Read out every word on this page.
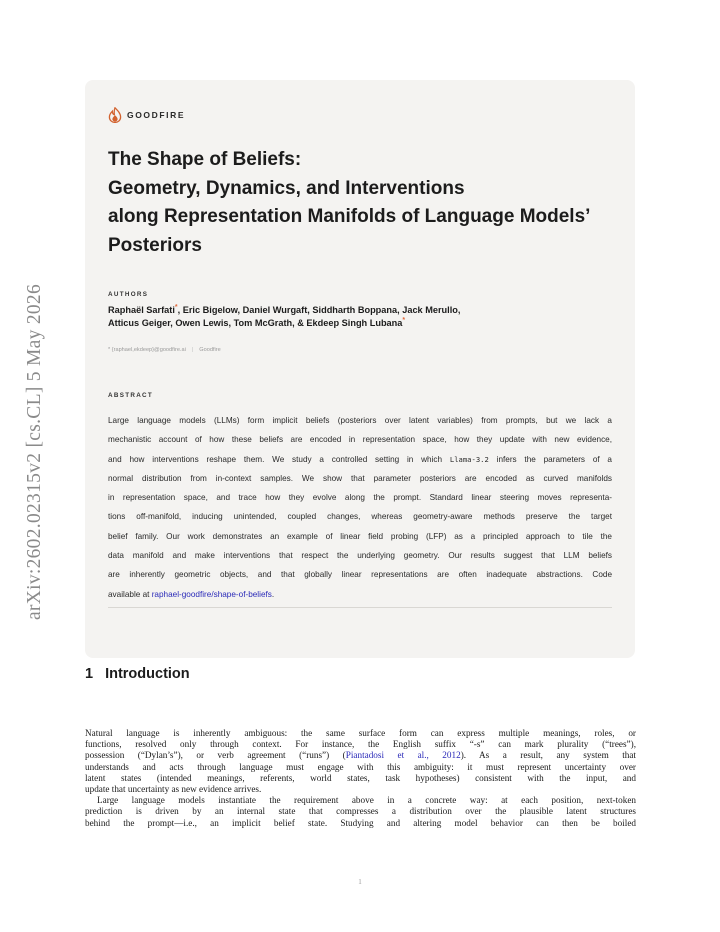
arXiv:2602.02315v2 [cs.CL] 5 May 2026
GOODFIRE
The Shape of Beliefs:
Geometry, Dynamics, and Interventions
along Representation Manifolds of Language Models’
Posteriors
AUTHORS
Raphaël Sarfati*, Eric Bigelow, Daniel Wurgaft, Siddharth Boppana, Jack Merullo,
Atticus Geiger, Owen Lewis, Tom McGrath, & Ekdeep Singh Lubana*
* {raphael,ekdeep}@goodfire.ai | Goodfire
ABSTRACT
Large language models (LLMs) form implicit beliefs (posteriors over latent variables) from prompts, but we lack a
mechanistic account of how these beliefs are encoded in representation space, how they update with new evidence,
and how interventions reshape them. We study a controlled setting in which Llama-3.2 infers the parameters of a
normal distribution from in-context samples. We show that parameter posteriors are encoded as curved manifolds
in representation space, and trace how they evolve along the prompt. Standard linear steering moves representa-
tions off-manifold, inducing unintended, coupled changes, whereas geometry-aware methods preserve the target
belief family. Our work demonstrates an example of linear field probing (LFP) as a principled approach to tile the
data manifold and make interventions that respect the underlying geometry. Our results suggest that LLM beliefs
are inherently geometric objects, and that globally linear representations are often inadequate abstractions. Code
available at raphael-goodfire/shape-of-beliefs.
1 Introduction
Natural language is inherently ambiguous: the same surface form can express multiple meanings, roles, or
functions, resolved only through context. For instance, the English suffix “-s” can mark plurality (“trees”),
possession (“Dylan’s”), or verb agreement (“runs”) (Piantadosi et al., 2012). As a result, any system that
understands and acts through language must engage with this ambiguity: it must represent uncertainty over
latent states (intended meanings, referents, world states, task hypotheses) consistent with the input, and
update that uncertainty as new evidence arrives.
Large language models instantiate the requirement above in a concrete way: at each position, next-token
prediction is driven by an internal state that compresses a distribution over the plausible latent structures
behind the prompt—i.e., an implicit belief state. Studying and altering model behavior can then be boiled
1
